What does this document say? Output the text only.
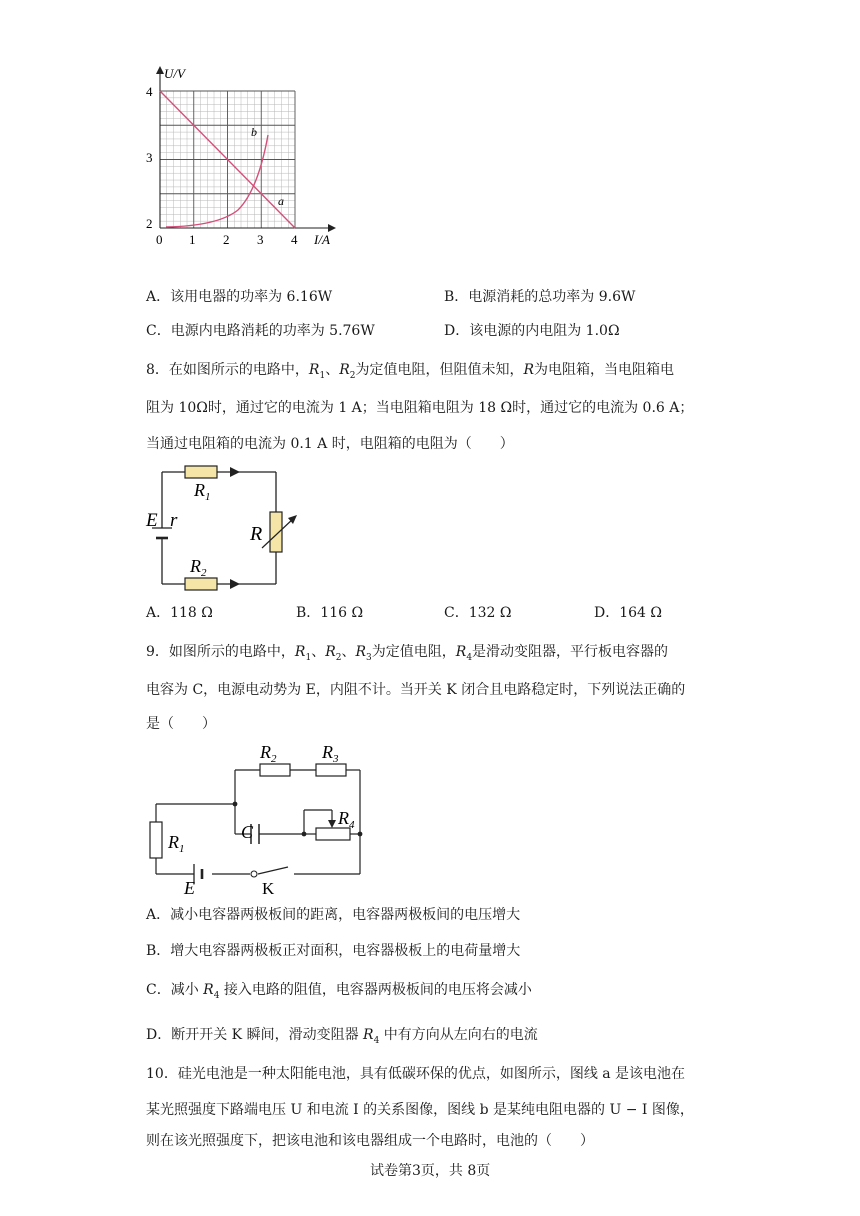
U/V
I/A
4
3
2
0 1 2 3 4
a
b
A．该用电器的功率为 6.16W	B．电源消耗的总功率为 9.6W
C．电源内电路消耗的功率为 5.76W	D．该电源的内电阻为 1.0Ω
8．在如图所示的电路中，$R_1$、$R_2$为定值电阻，但阻值未知，R为电阻箱，当电阻箱电
阻为 10Ω时，通过它的电流为 1 A；当电阻箱电阻为 18 Ω时，通过它的电流为 0.6 A；
当通过电阻箱的电流为 0.1 A 时，电阻箱的电阻为（　　）
$R_1$
$R_2$
R
E r
A．118 Ω	B．116 Ω	C．132 Ω	D．164 Ω
9．如图所示的电路中，$R_1$、$R_2$、$R_3$为定值电阻，$R_4$是滑动变阻器，平行板电容器的
电容为 C，电源电动势为 E，内阻不计。当开关 K 闭合且电路稳定时，下列说法正确的
是（　　）
$R_2$	$R_3$
$R_1$
$R_4$
C
E	K
A．减小电容器两极板间的距离，电容器两极板间的电压增大
B．增大电容器两极板正对面积，电容器极板上的电荷量增大
C．减小 $R_4$ 接入电路的阻值，电容器两极板间的电压将会减小
D．断开开关 K 瞬间，滑动变阻器 $R_4$ 中有方向从左向右的电流
10．硅光电池是一种太阳能电池，具有低碳环保的优点，如图所示，图线 a 是该电池在
某光照强度下路端电压 U 和电流 I 的关系图像，图线 b 是某纯电阻电器的 U − I 图像，
则在该光照强度下，把该电池和该电器组成一个电路时，电池的（　　）
试卷第3页，共 8页
